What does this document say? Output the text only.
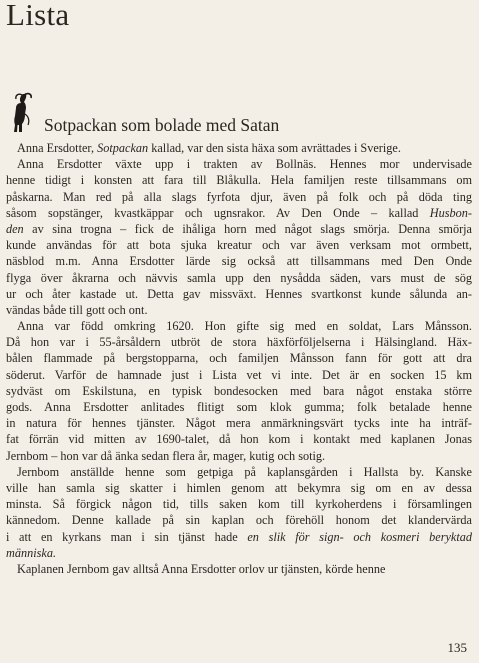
Lista
Sotpackan som bolade med Satan
Anna Ersdotter, Sotpackan kallad, var den sista häxa som avrättades i Sverige.
Anna Ersdotter växte upp i trakten av Bollnäs. Hennes mor undervisade
henne tidigt i konsten att fara till Blåkulla. Hela familjen reste tillsammans om
påskarna. Man red på alla slags fyrfota djur, även på folk och på döda ting
såsom sopstänger, kvastkäppar och ugnsrakor. Av Den Onde – kallad Husbon-
den av sina trogna – fick de ihåliga horn med något slags smörja. Denna smörja
kunde användas för att bota sjuka kreatur och var även verksam mot ormbett,
näsblod m.m. Anna Ersdotter lärde sig också att tillsammans med Den Onde
flyga över åkrarna och nävvis samla upp den nysådda säden, vars must de sög
ur och åter kastade ut. Detta gav missväxt. Hennes svartkonst kunde sålunda an-
vändas både till gott och ont.
Anna var född omkring 1620. Hon gifte sig med en soldat, Lars Månsson.
Då hon var i 55-årsåldern utbröt de stora häxförföljelserna i Hälsingland. Häx-
bålen flammade på bergstopparna, och familjen Månsson fann för gott att dra
söderut. Varför de hamnade just i Lista vet vi inte. Det är en socken 15 km
sydväst om Eskilstuna, en typisk bondesocken med bara något enstaka större
gods. Anna Ersdotter anlitades flitigt som klok gumma; folk betalade henne
in natura för hennes tjänster. Något mera anmärkningsvärt tycks inte ha inträf-
fat förrän vid mitten av 1690-talet, då hon kom i kontakt med kaplanen Jonas
Jernbom – hon var då änka sedan flera år, mager, kutig och sotig.
Jernbom anställde henne som getpiga på kaplansgården i Hallsta by. Kanske
ville han samla sig skatter i himlen genom att bekymra sig om en av dessa
minsta. Så förgick någon tid, tills saken kom till kyrkoherdens i församlingen
kännedom. Denne kallade på sin kaplan och förehöll honom det klandervärda
i att en kyrkans man i sin tjänst hade en slik för sign- och kosmeri beryktad
människa.
Kaplanen Jernbom gav alltså Anna Ersdotter orlov ur tjänsten, körde henne
135
